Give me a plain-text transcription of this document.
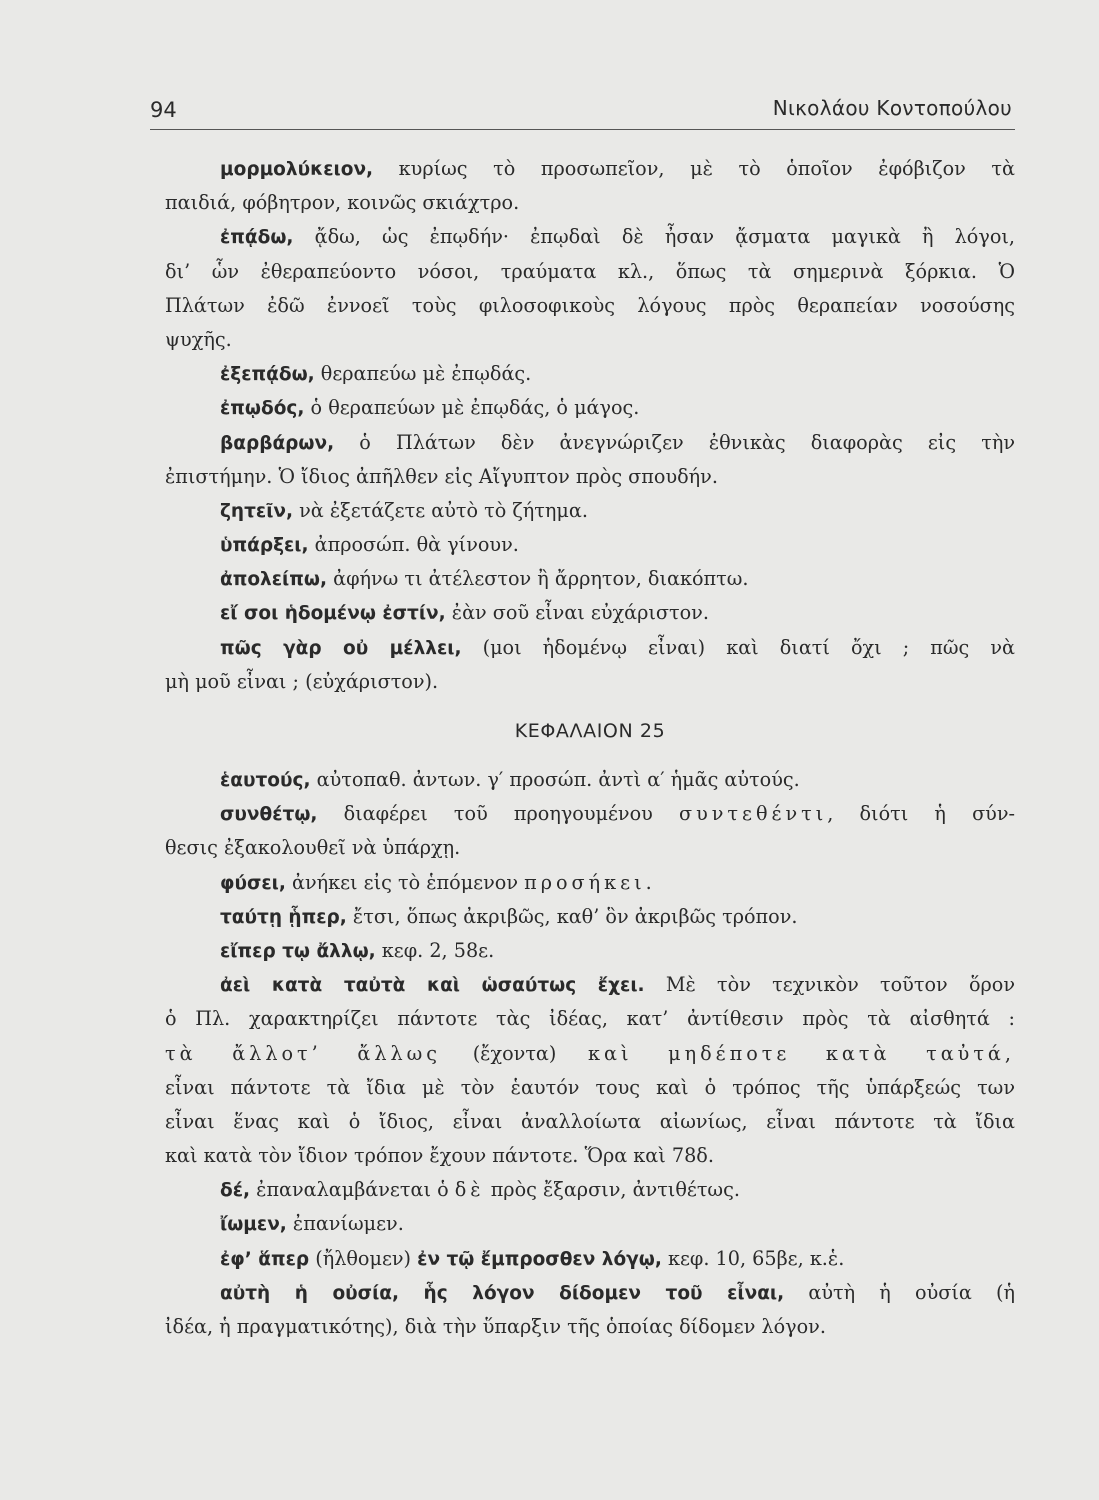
94	Νικολάου Κοντοπούλου
μορμολύκειον, κυρίως τὸ προσωπεῖον, μὲ τὸ ὁποῖον ἐφόβιζον τὰ
παιδιά, φόβητρον, κοινῶς σκιάχτρο.
ἐπᾴδω, ᾄδω, ὡς ἐπῳδήν· ἐπῳδαὶ δὲ ἦσαν ᾄσματα μαγικὰ ἢ λόγοι,
δι’ ὧν ἐθεραπεύοντο νόσοι, τραύματα κλ., ὅπως τὰ σημερινὰ ξόρκια. Ὁ
Πλάτων ἐδῶ ἐννοεῖ τοὺς φιλοσοφικοὺς λόγους πρὸς θεραπείαν νοσούσης
ψυχῆς.
ἐξεπᾴδω, θεραπεύω μὲ ἐπῳδάς.
ἐπῳδός, ὁ θεραπεύων μὲ ἐπῳδάς, ὁ μάγος.
βαρβάρων, ὁ Πλάτων δὲν ἀνεγνώριζεν ἐθνικὰς διαφορὰς εἰς τὴν
ἐπιστήμην. Ὁ ἴδιος ἀπῆλθεν εἰς Αἴγυπτον πρὸς σπουδήν.
ζητεῖν, νὰ ἐξετάζετε αὐτὸ τὸ ζήτημα.
ὑπάρξει, ἀπροσώπ. θὰ γίνουν.
ἀπολείπω, ἀφήνω τι ἀτέλεστον ἢ ἄρρητον, διακόπτω.
εἴ σοι ἡδομένῳ ἐστίν, ἐὰν σοῦ εἶναι εὐχάριστον.
πῶς γὰρ οὐ μέλλει, (μοι ἡδομένῳ εἶναι) καὶ διατί ὄχι ; πῶς νὰ
μὴ μοῦ εἶναι ; (εὐχάριστον).
ΚΕΦΑΛΑΙΟΝ 25
ἑαυτούς, αὐτοπαθ. ἀντων. γ′ προσώπ. ἀντὶ α′ ἡμᾶς αὐτούς.
συνθέτῳ, διαφέρει τοῦ προηγουμένου συντεθέντι, διότι ἡ σύν-
θεσις ἐξακολουθεῖ νὰ ὑπάρχῃ.
φύσει, ἀνήκει εἰς τὸ ἑπόμενον προσήκει.
ταύτῃ ᾗπερ, ἔτσι, ὅπως ἀκριβῶς, καθ’ ὃν ἀκριβῶς τρόπον.
εἴπερ τῳ ἄλλῳ, κεφ. 2, 58ε.
ἀεὶ κατὰ ταὐτὰ καὶ ὡσαύτως ἔχει. Μὲ τὸν τεχνικὸν τοῦτον ὅρον
ὁ Πλ. χαρακτηρίζει πάντοτε τὰς ἰδέας, κατ’ ἀντίθεσιν πρὸς τὰ αἰσθητά :
τὰ ἄλλοτ’ ἄλλως (ἔχοντα) καὶ μηδέποτε κατὰ ταὐτά,
εἶναι πάντοτε τὰ ἴδια μὲ τὸν ἑαυτόν τους καὶ ὁ τρόπος τῆς ὑπάρξεώς των
εἶναι ἕνας καὶ ὁ ἴδιος, εἶναι ἀναλλοίωτα αἰωνίως, εἶναι πάντοτε τὰ ἴδια
καὶ κατὰ τὸν ἴδιον τρόπον ἔχουν πάντοτε. Ὅρα καὶ 78δ.
δέ, ἐπαναλαμβάνεται ὁ δὲ πρὸς ἔξαρσιν, ἀντιθέτως.
ἴωμεν, ἐπανίωμεν.
ἐφ’ ἅπερ (ἤλθομεν) ἐν τῷ ἔμπροσθεν λόγῳ, κεφ. 10, 65βε, κ.ἑ.
αὐτὴ ἡ οὐσία, ἧς λόγον δίδομεν τοῦ εἶναι, αὐτὴ ἡ οὐσία (ἡ
ἰδέα, ἡ πραγματικότης), διὰ τὴν ὕπαρξιν τῆς ὁποίας δίδομεν λόγον.
